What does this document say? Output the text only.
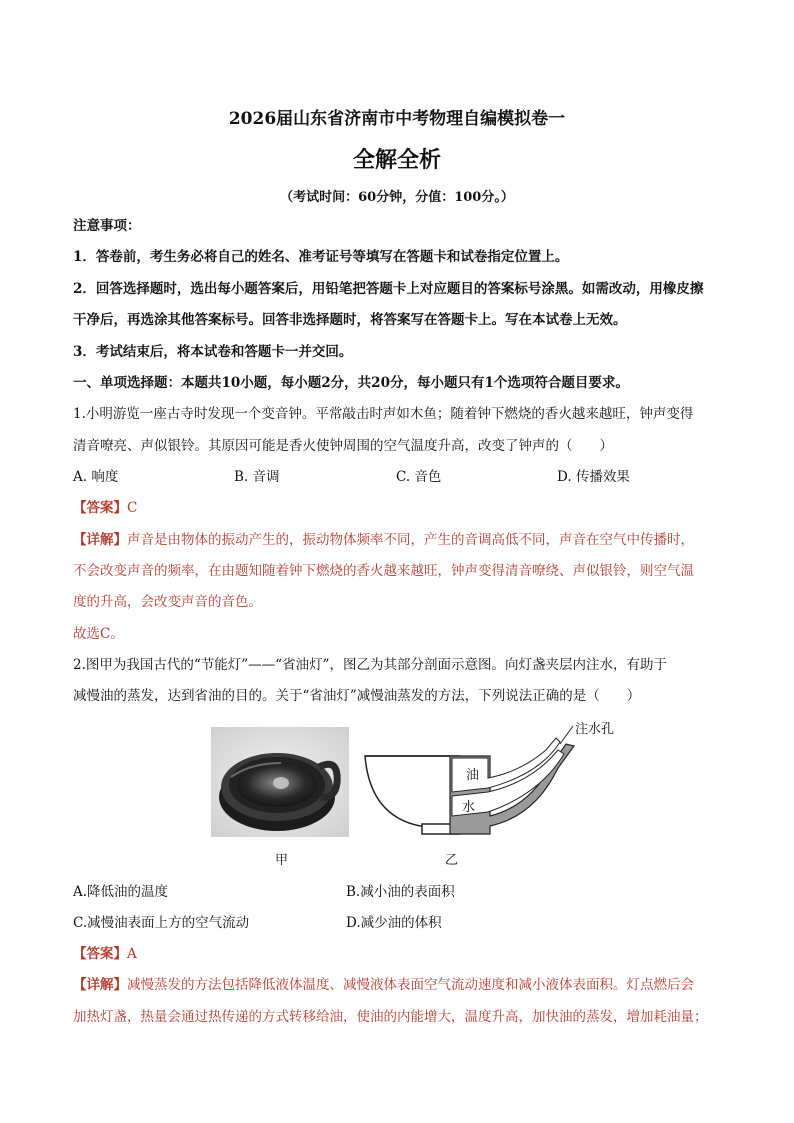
2026届山东省济南市中考物理自编模拟卷一
全解全析
（考试时间：60分钟，分值：100分。）
注意事项：
1．答卷前，考生务必将自己的姓名、准考证号等填写在答题卡和试卷指定位置上。
2．回答选择题时，选出每小题答案后，用铅笔把答题卡上对应题目的答案标号涂黑。如需改动，用橡皮擦
干净后，再选涂其他答案标号。回答非选择题时，将答案写在答题卡上。写在本试卷上无效。
3．考试结束后，将本试卷和答题卡一并交回。
一、单项选择题：本题共10小题，每小题2分，共20分，每小题只有1个选项符合题目要求。
1.小明游览一座古寺时发现一个变音钟。平常敲击时声如木鱼；随着钟下燃烧的香火越来越旺，钟声变得
清音嘹亮、声似银铃。其原因可能是香火使钟周围的空气温度升高，改变了钟声的（　　）
A. 响度	B. 音调	C. 音色	D. 传播效果
【答案】C
【详解】声音是由物体的振动产生的，振动物体频率不同，产生的音调高低不同，声音在空气中传播时，
不会改变声音的频率，在由题知随着钟下燃烧的香火越来越旺，钟声变得清音嘹绕、声似银铃，则空气温
度的升高，会改变声音的音色。
故选C。
2.图甲为我国古代的“节能灯”——“省油灯”，图乙为其部分剖面示意图。向灯盏夹层内注水，有助于
减慢油的蒸发，达到省油的目的。关于“省油灯”减慢油蒸发的方法，下列说法正确的是（　　）
注水孔
油
水
甲	乙
A.降低油的温度	B.减小油的表面积
C.减慢油表面上方的空气流动	D.减少油的体积
【答案】A
【详解】减慢蒸发的方法包括降低液体温度、减慢液体表面空气流动速度和减小液体表面积。灯点燃后会
加热灯盏，热量会通过热传递的方式转移给油，使油的内能增大，温度升高，加快油的蒸发，增加耗油量；
